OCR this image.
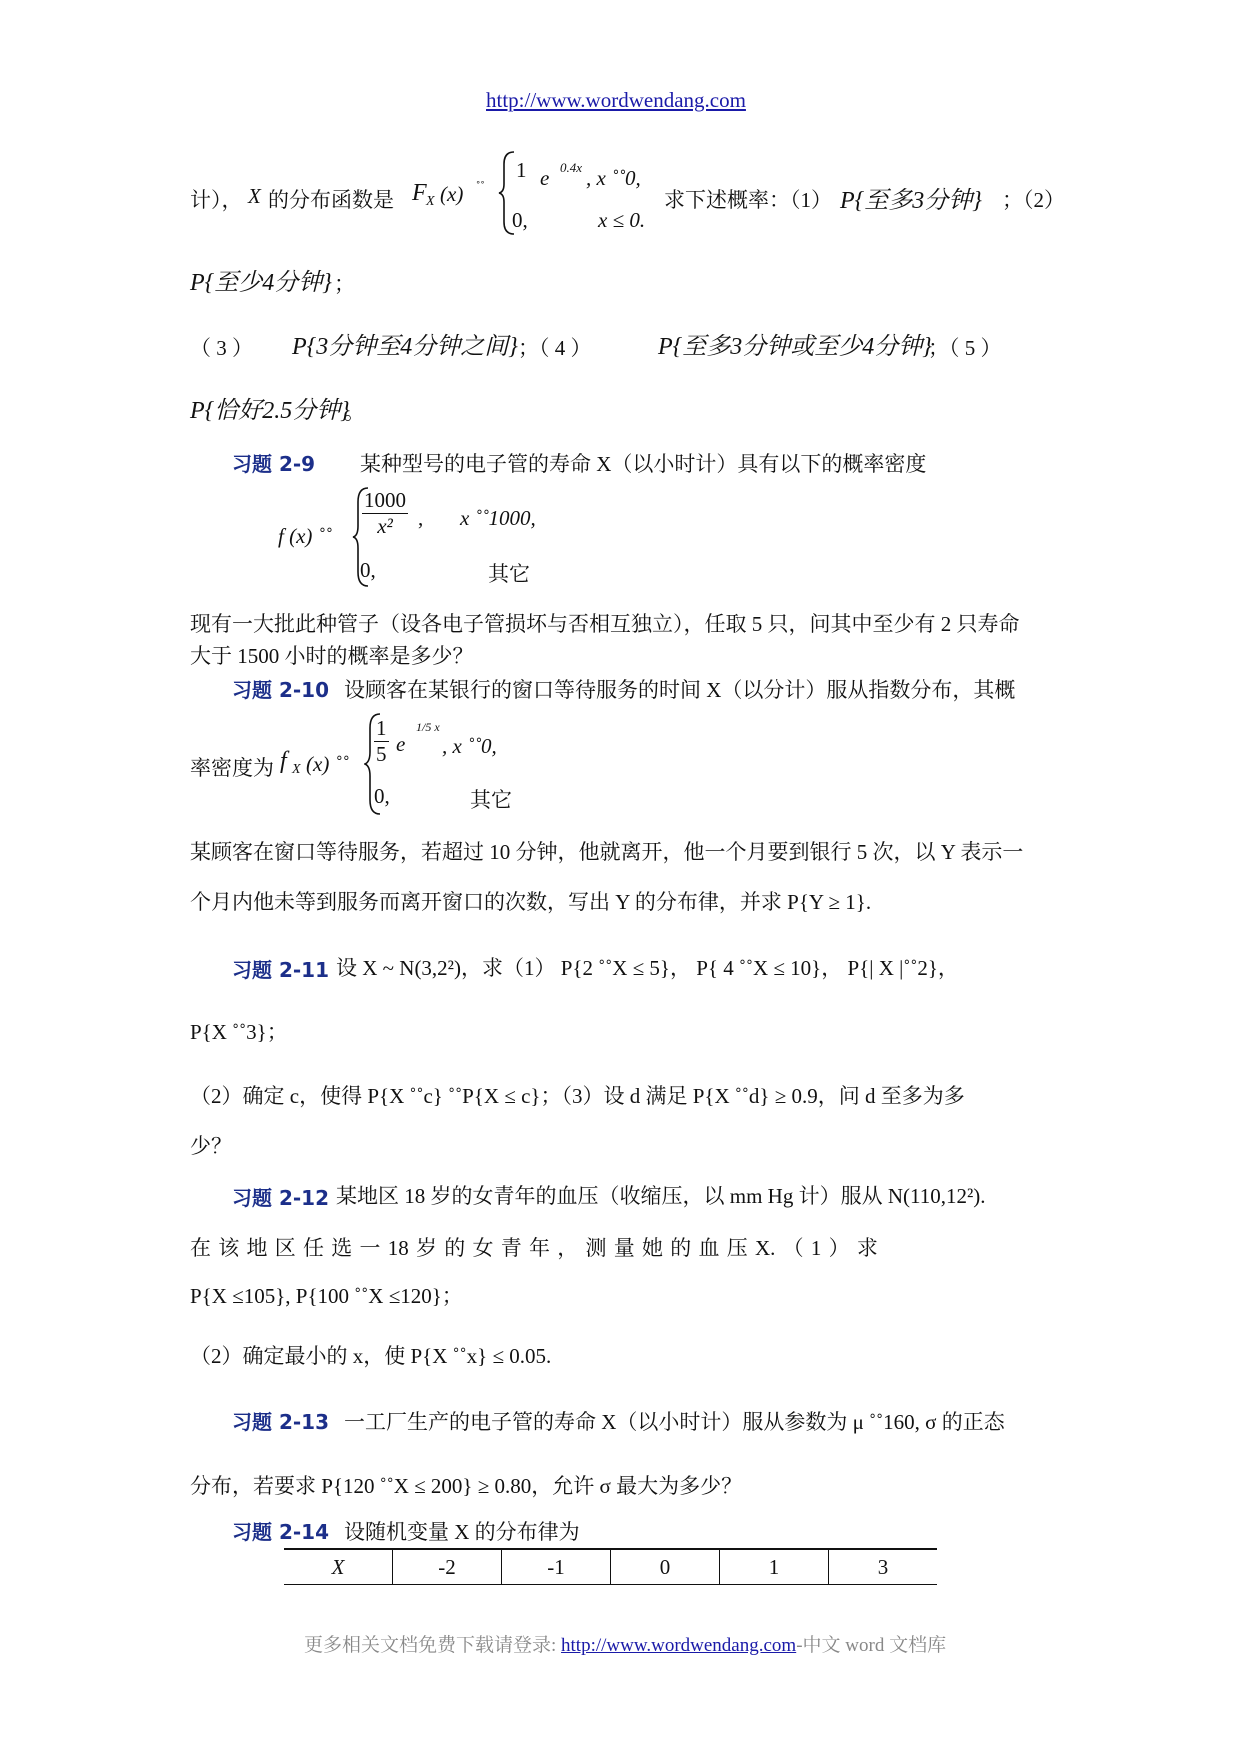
http://www.wordwendang.com
计）， X 的分布函数是 F X (x) ˚˚
1 e 0.4x , x ˚˚0,
0,	x ≤ 0.
求下述概率：（1） P{至多3分钟} ；（2）
P{至少4分钟} ；
（ 3 ） P{3分钟至4分钟之间} ；（ 4 ）	P{至多3分钟或至少4分钟}
；（ 5 ）
P{恰好2.5分钟}
。
习题 2-9 某种型号的电子管的寿命 X（以小时计）具有以下的概率密度
f (x) ˚˚ $\frac{1000}{\text{x²}}$ , x ˚˚1000,
0,	其它
现有一大批此种管子（设各电子管损坏与否相互独立），任取 5 只，问其中至少有 2 只寿命
大于 1500 小时的概率是多少？
习题 2-10 设顾客在某银行的窗口等待服务的时间 X（以分计）服从指数分布，其概
率密度为 f X (x) ˚˚ $\frac{1}{5}$ e
1/5 x
, x ˚˚0,
0,	其它
某顾客在窗口等待服务，若超过 10 分钟，他就离开，他一个月要到银行 5 次，以 Y 表示一
个月内他未等到服务而离开窗口的次数，写出 Y 的分布律，并求 P{Y ≥ 1}.
习题 2-11 设 X ~ N(3,2²)，求（1） P{2 ˚˚X ≤ 5}， P{ 4 ˚˚X ≤ 10}， P{| X |˚˚2}，
P{X ˚˚3}；
（2）确定 c，使得 P{X ˚˚c} ˚˚P{X ≤ c}；（3）设 d 满足 P{X ˚˚d} ≥ 0.9，问 d 至多为多
少？
习题 2-12 某地区 18 岁的女青年的血压（收缩压，以 mm Hg 计）服从 N(110,12²).
在 该 地 区 任 选 一 18 岁 的 女 青 年 ， 测 量 她 的 血 压 X. （ 1 ） 求
P{X ≤105}, P{100 ˚˚X ≤120}；
（2）确定最小的 x，使 P{X ˚˚x} ≤ 0.05.
习题 2-13 一工厂生产的电子管的寿命 X（以小时计）服从参数为 μ ˚˚160, σ 的正态
分布，若要求 P{120 ˚˚X ≤ 200} ≥ 0.80，允许 σ 最大为多少？
习题 2-14 设随机变量 X 的分布律为
X	-2	-1	0	1	3
更多相关文档免费下载请登录: http://www.wordwendang.com-中文 word 文档库
